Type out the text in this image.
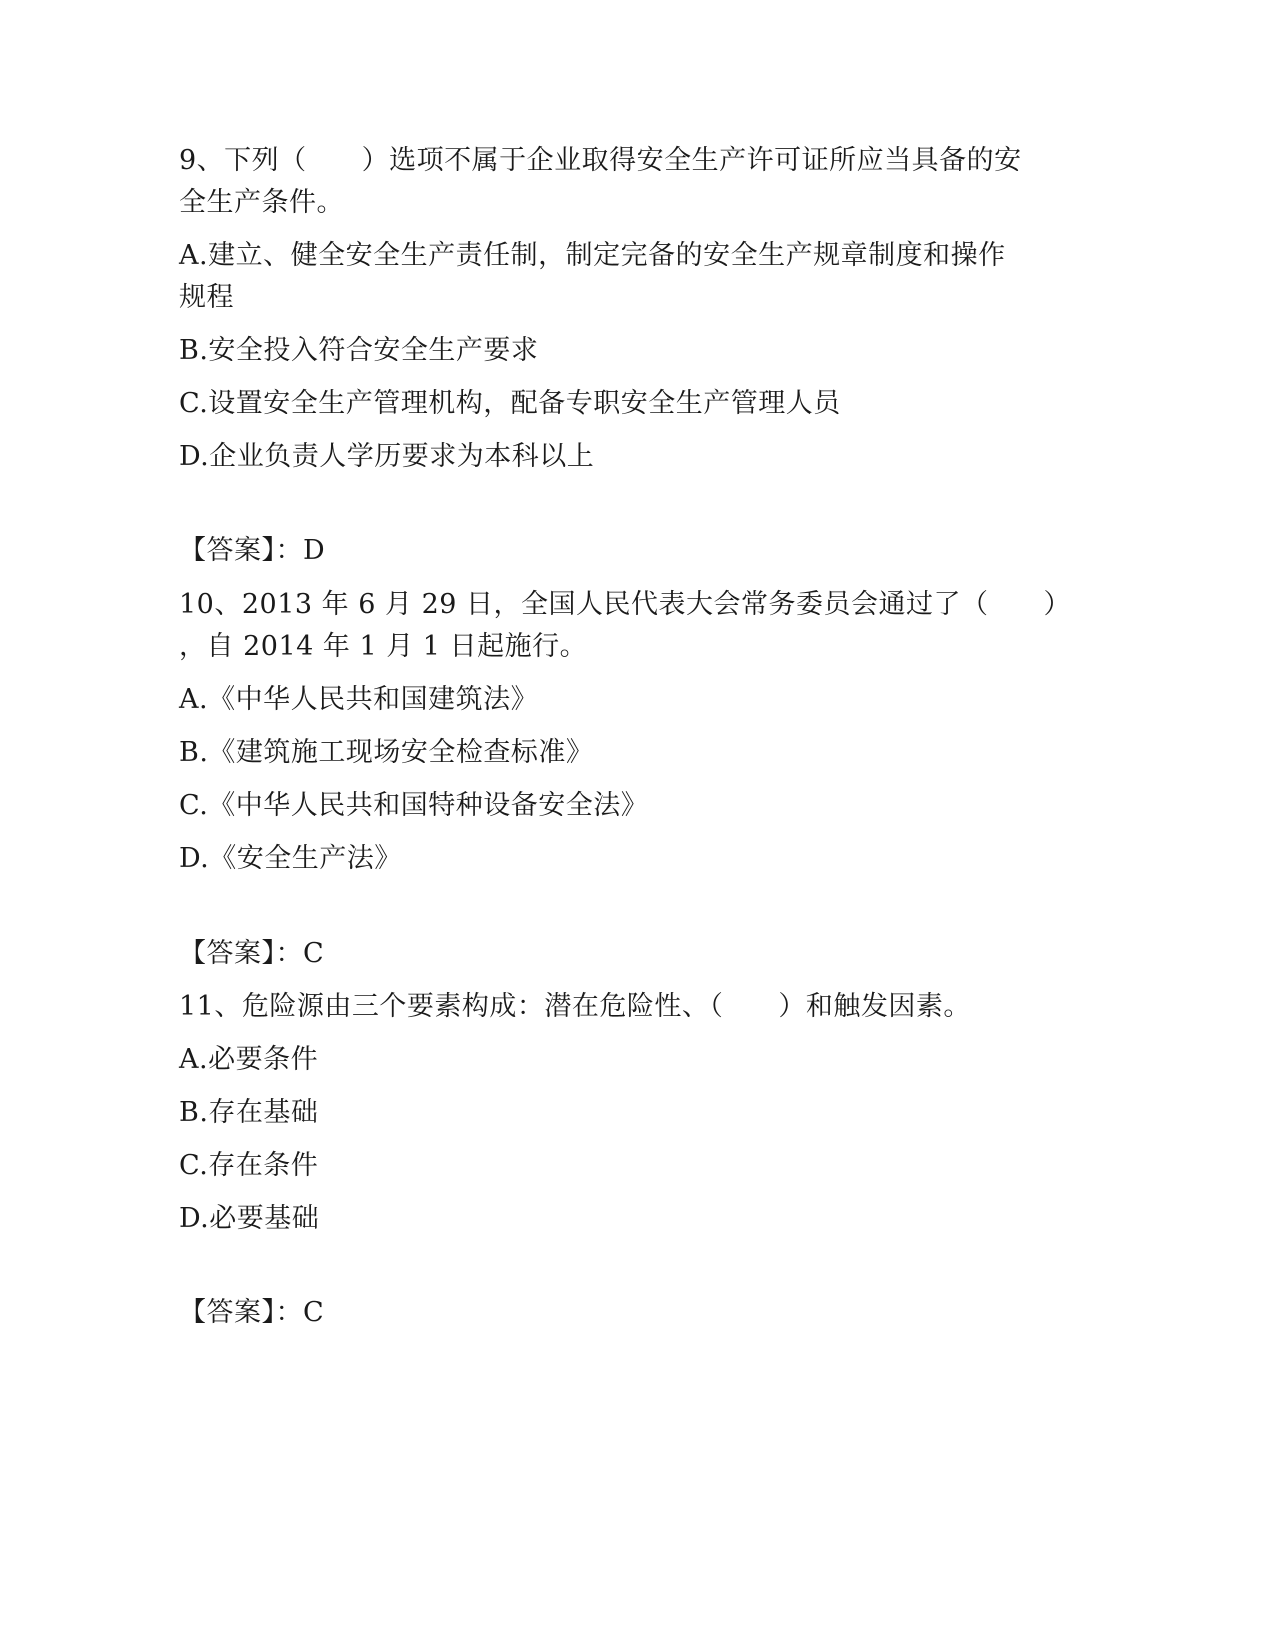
9、下列（　　）选项不属于企业取得安全生产许可证所应当具备的安
全生产条件。
A.建立、健全安全生产责任制，制定完备的安全生产规章制度和操作
规程
B.安全投入符合安全生产要求
C.设置安全生产管理机构，配备专职安全生产管理人员
D.企业负责人学历要求为本科以上
【答案】：D
10、2013 年 6 月 29 日，全国人民代表大会常务委员会通过了（　　）
，自 2014 年 1 月 1 日起施行。
A.《中华人民共和国建筑法》
B.《建筑施工现场安全检查标准》
C.《中华人民共和国特种设备安全法》
D.《安全生产法》
【答案】：C
11、危险源由三个要素构成：潜在危险性、（　　）和触发因素。
A.必要条件
B.存在基础
C.存在条件
D.必要基础
【答案】：C
